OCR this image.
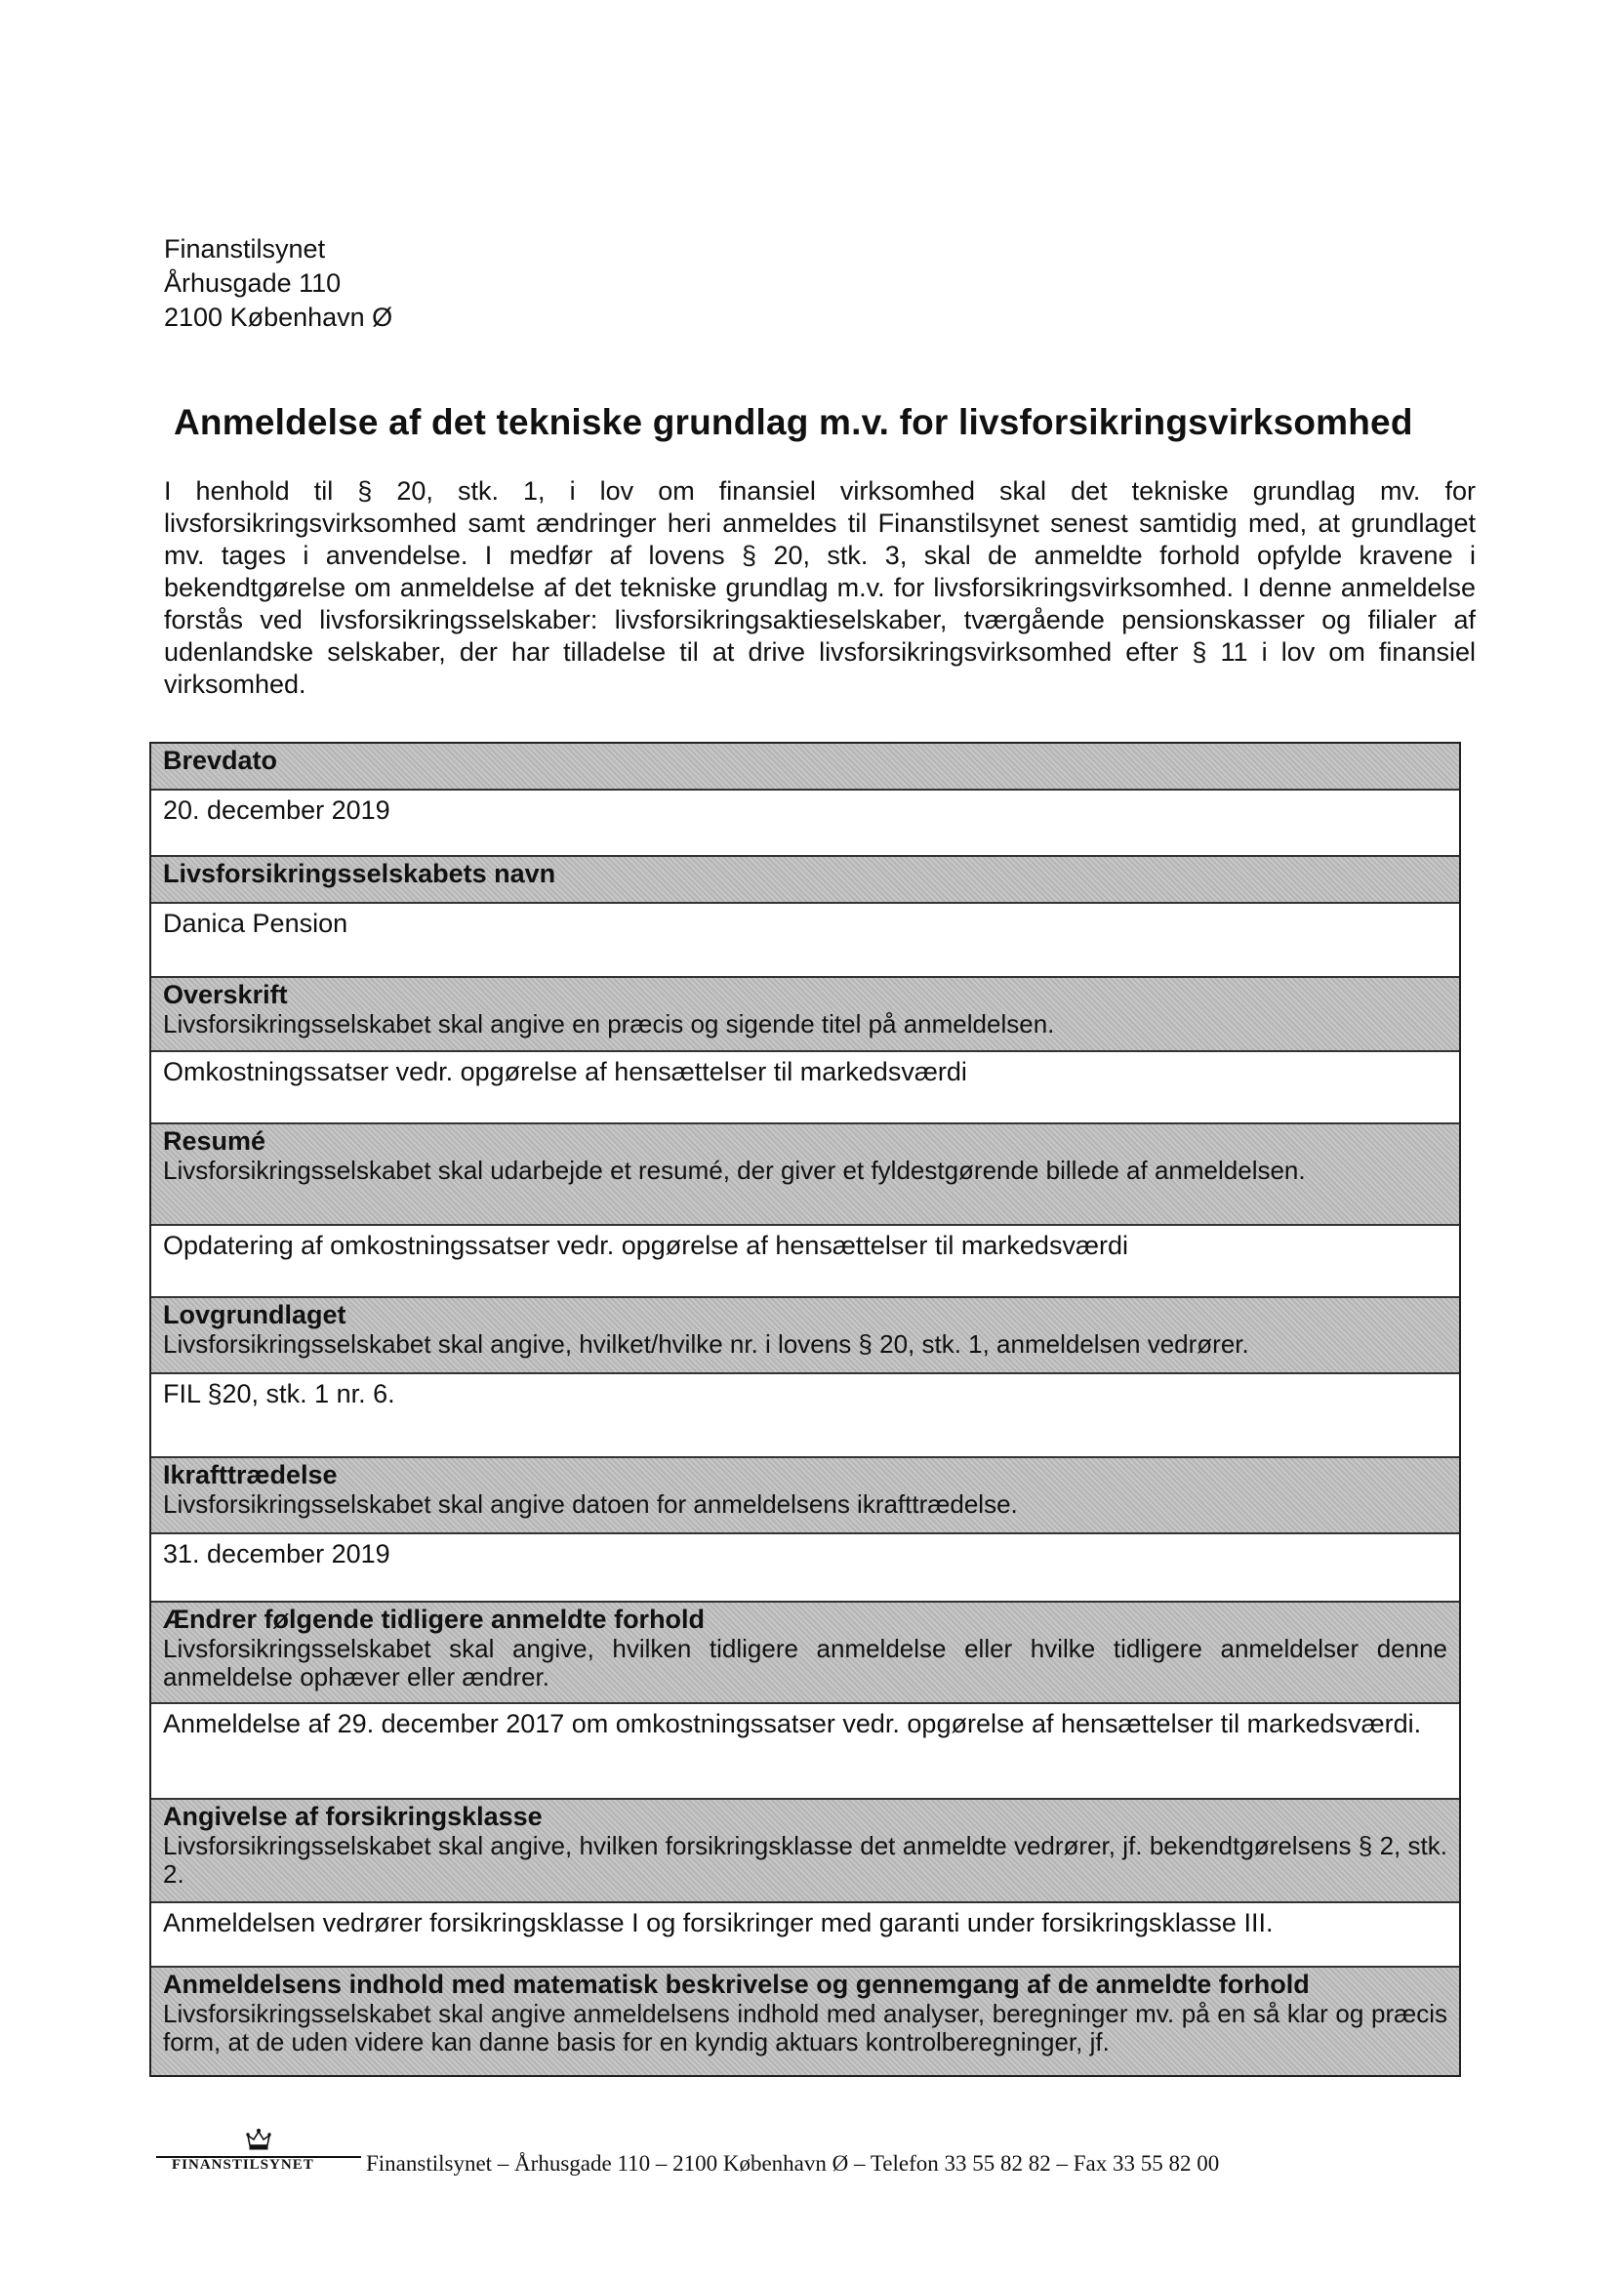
Finanstilsynet
Århusgade 110
2100 København Ø
Anmeldelse af det tekniske grundlag m.v. for livsforsikringsvirksomhed
I henhold til § 20, stk. 1, i lov om finansiel virksomhed skal det tekniske grundlag mv. for livsforsikringsvirksomhed samt ændringer heri anmeldes til Finanstilsynet senest samtidig med, at grundlaget mv. tages i anvendelse. I medfør af lovens § 20, stk. 3, skal de anmeldte forhold opfylde kravene i bekendtgørelse om anmeldelse af det tekniske grundlag m.v. for livsforsikringsvirksomhed. I denne anmeldelse forstås ved livsforsikringsselskaber: livsforsikringsaktieselskaber, tværgående pensionskasser og filialer af udenlandske selskaber, der har tilladelse til at drive livsforsikringsvirksomhed efter § 11 i lov om finansiel virksomhed.
Brevdato
20. december 2019
Livsforsikringsselskabets navn
Danica Pension
Overskrift
Livsforsikringsselskabet skal angive en præcis og sigende titel på anmeldelsen.
Omkostningssatser vedr. opgørelse af hensættelser til markedsværdi
Resumé
Livsforsikringsselskabet skal udarbejde et resumé, der giver et fyldestgørende billede af anmeldelsen.
Opdatering af omkostningssatser vedr. opgørelse af hensættelser til markedsværdi
Lovgrundlaget
Livsforsikringsselskabet skal angive, hvilket/hvilke nr. i lovens § 20, stk. 1, anmeldelsen vedrører.
FIL §20, stk. 1 nr. 6.
Ikrafttrædelse
Livsforsikringsselskabet skal angive datoen for anmeldelsens ikrafttrædelse.
31. december 2019
Ændrer følgende tidligere anmeldte forhold
Livsforsikringsselskabet skal angive, hvilken tidligere anmeldelse eller hvilke tidligere anmeldelser denne anmeldelse ophæver eller ændrer.
Anmeldelse af 29. december 2017 om omkostningssatser vedr. opgørelse af hensættelser til markedsværdi.
Angivelse af forsikringsklasse
Livsforsikringsselskabet skal angive, hvilken forsikringsklasse det anmeldte vedrører, jf. bekendtgørelsens § 2, stk. 2.
Anmeldelsen vedrører forsikringsklasse I og forsikringer med garanti under forsikringsklasse III.
Anmeldelsens indhold med matematisk beskrivelse og gennemgang af de anmeldte forhold
Livsforsikringsselskabet skal angive anmeldelsens indhold med analyser, beregninger mv. på en så klar og præcis form, at de uden videre kan danne basis for en kyndig aktuars kontrolberegninger, jf.
FINANSTILSYNET Finanstilsynet – Århusgade 110 – 2100 København Ø – Telefon 33 55 82 82 – Fax 33 55 82 00
